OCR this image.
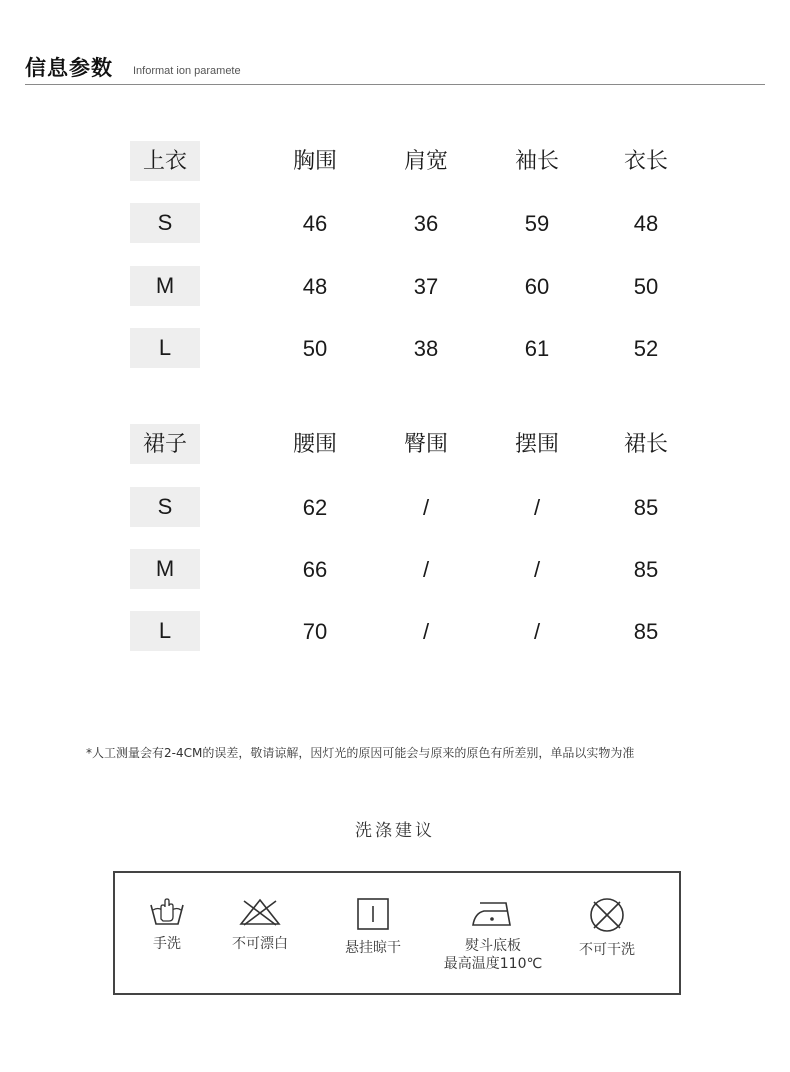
信息参数 Informat ion paramete
上衣	胸围	肩宽	袖长	衣长
S	46	36	59	48
M	48	37	60	50
L	50	38	61	52
裙子	腰围	臀围	摆围	裙长
S	62	/	/	85
M	66	/	/	85
L	70	/	/	85
*人工测量会有2-4CM的误差，敬请谅解，因灯光的原因可能会与原来的原色有所差别，单品以实物为准
洗涤建议
手洗	不可漂白	悬挂晾干	熨斗底板
最高温度110℃
不可干洗
